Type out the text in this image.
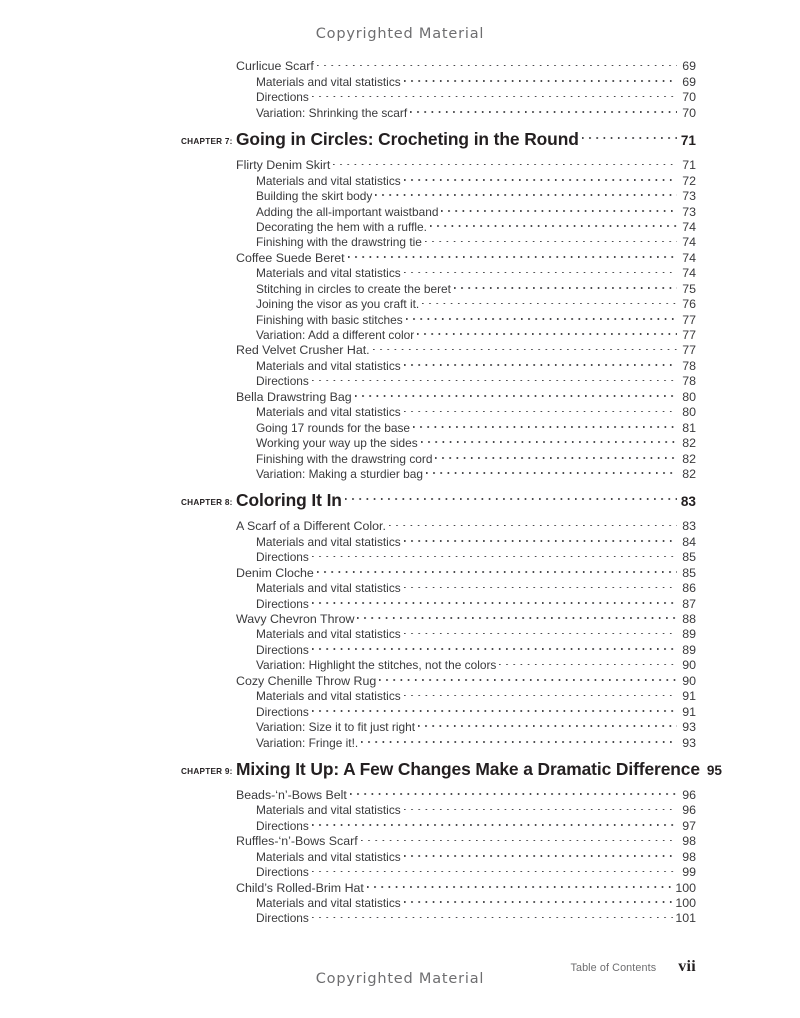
Copyrighted Material
Curlicue Scarf	69
Materials and vital statistics	69
Directions	70
Variation: Shrinking the scarf	70
CHAPTER 7: Going in Circles: Crocheting in the Round	71
Flirty Denim Skirt	71
Materials and vital statistics	72
Building the skirt body	73
Adding the all-important waistband	73
Decorating the hem with a ruffle.	74
Finishing with the drawstring tie	74
Coffee Suede Beret	74
Materials and vital statistics	74
Stitching in circles to create the beret	75
Joining the visor as you craft it.	76
Finishing with basic stitches	77
Variation: Add a different color	77
Red Velvet Crusher Hat.	77
Materials and vital statistics	78
Directions	78
Bella Drawstring Bag	80
Materials and vital statistics	80
Going 17 rounds for the base	81
Working your way up the sides	82
Finishing with the drawstring cord	82
Variation: Making a sturdier bag	82
CHAPTER 8: Coloring It In	83
A Scarf of a Different Color.	83
Materials and vital statistics	84
Directions	85
Denim Cloche	85
Materials and vital statistics	86
Directions	87
Wavy Chevron Throw	88
Materials and vital statistics	89
Directions	89
Variation: Highlight the stitches, not the colors	90
Cozy Chenille Throw Rug	90
Materials and vital statistics	91
Directions	91
Variation: Size it to fit just right	93
Variation: Fringe it!.	93
CHAPTER 9: Mixing It Up: A Few Changes Make a Dramatic Difference 95
Beads-‘n’-Bows Belt	96
Materials and vital statistics	96
Directions	97
Ruffles-‘n’-Bows Scarf	98
Materials and vital statistics	98
Directions	99
Child’s Rolled-Brim Hat	100
Materials and vital statistics	100
Directions	101
Table of Contents vii
Copyrighted Material
